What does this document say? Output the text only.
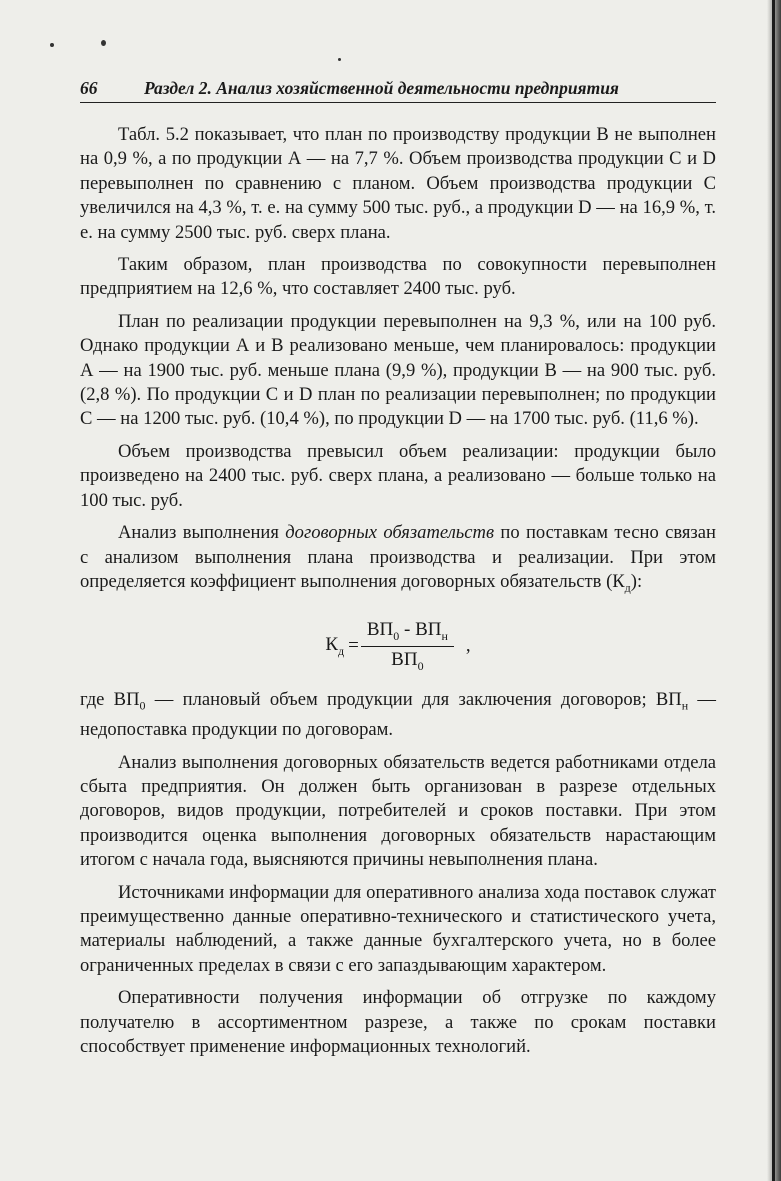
66	Раздел 2. Анализ хозяйственной деятельности предприятия

Табл. 5.2 показывает, что план по производству продукции В не выполнен на 0,9 %, а по продукции А — на 7,7 %. Объем производства продукции С и D перевыполнен по сравнению с планом. Объем производства продукции С увеличился на 4,3 %, т. е. на сумму 500 тыс. руб., а продукции D — на 16,9 %, т. е. на сумму 2500 тыс. руб. сверх плана.

Таким образом, план производства по совокупности перевыполнен предприятием на 12,6 %, что составляет 2400 тыс. руб.

План по реализации продукции перевыполнен на 9,3 %, или на 100 руб. Однако продукции А и В реализовано меньше, чем планировалось: продукции А — на 1900 тыс. руб. меньше плана (9,9 %), продукции В — на 900 тыс. руб. (2,8 %). По продукции С и D план по реализации перевыполнен; по продукции С — на 1200 тыс. руб. (10,4 %), по продукции D — на 1700 тыс. руб. (11,6 %).

Объем производства превысил объем реализации: продукции было произведено на 2400 тыс. руб. сверх плана, а реализовано — больше только на 100 тыс. руб.

Анализ выполнения договорных обязательств по поставкам тесно связан с анализом выполнения плана производства и реализации. При этом определяется коэффициент выполнения договорных обязательств $(К_д)$:

$К_д = \frac{ВП_0 - ВП_н}{ВП_0}$ ,

где $ВП_0$ — плановый объем продукции для заключения договоров; $ВП_н$ — недопоставка продукции по договорам.

Анализ выполнения договорных обязательств ведется работниками отдела сбыта предприятия. Он должен быть организован в разрезе отдельных договоров, видов продукции, потребителей и сроков поставки. При этом производится оценка выполнения договорных обязательств нарастающим итогом с начала года, выясняются причины невыполнения плана.

Источниками информации для оперативного анализа хода поставок служат преимущественно данные оперативно-технического и статистического учета, материалы наблюдений, а также данные бухгалтерского учета, но в более ограниченных пределах в связи с его запаздывающим характером.

Оперативности получения информации об отгрузке по каждому получателю в ассортиментном разрезе, а также по срокам поставки способствует применение информационных технологий.
